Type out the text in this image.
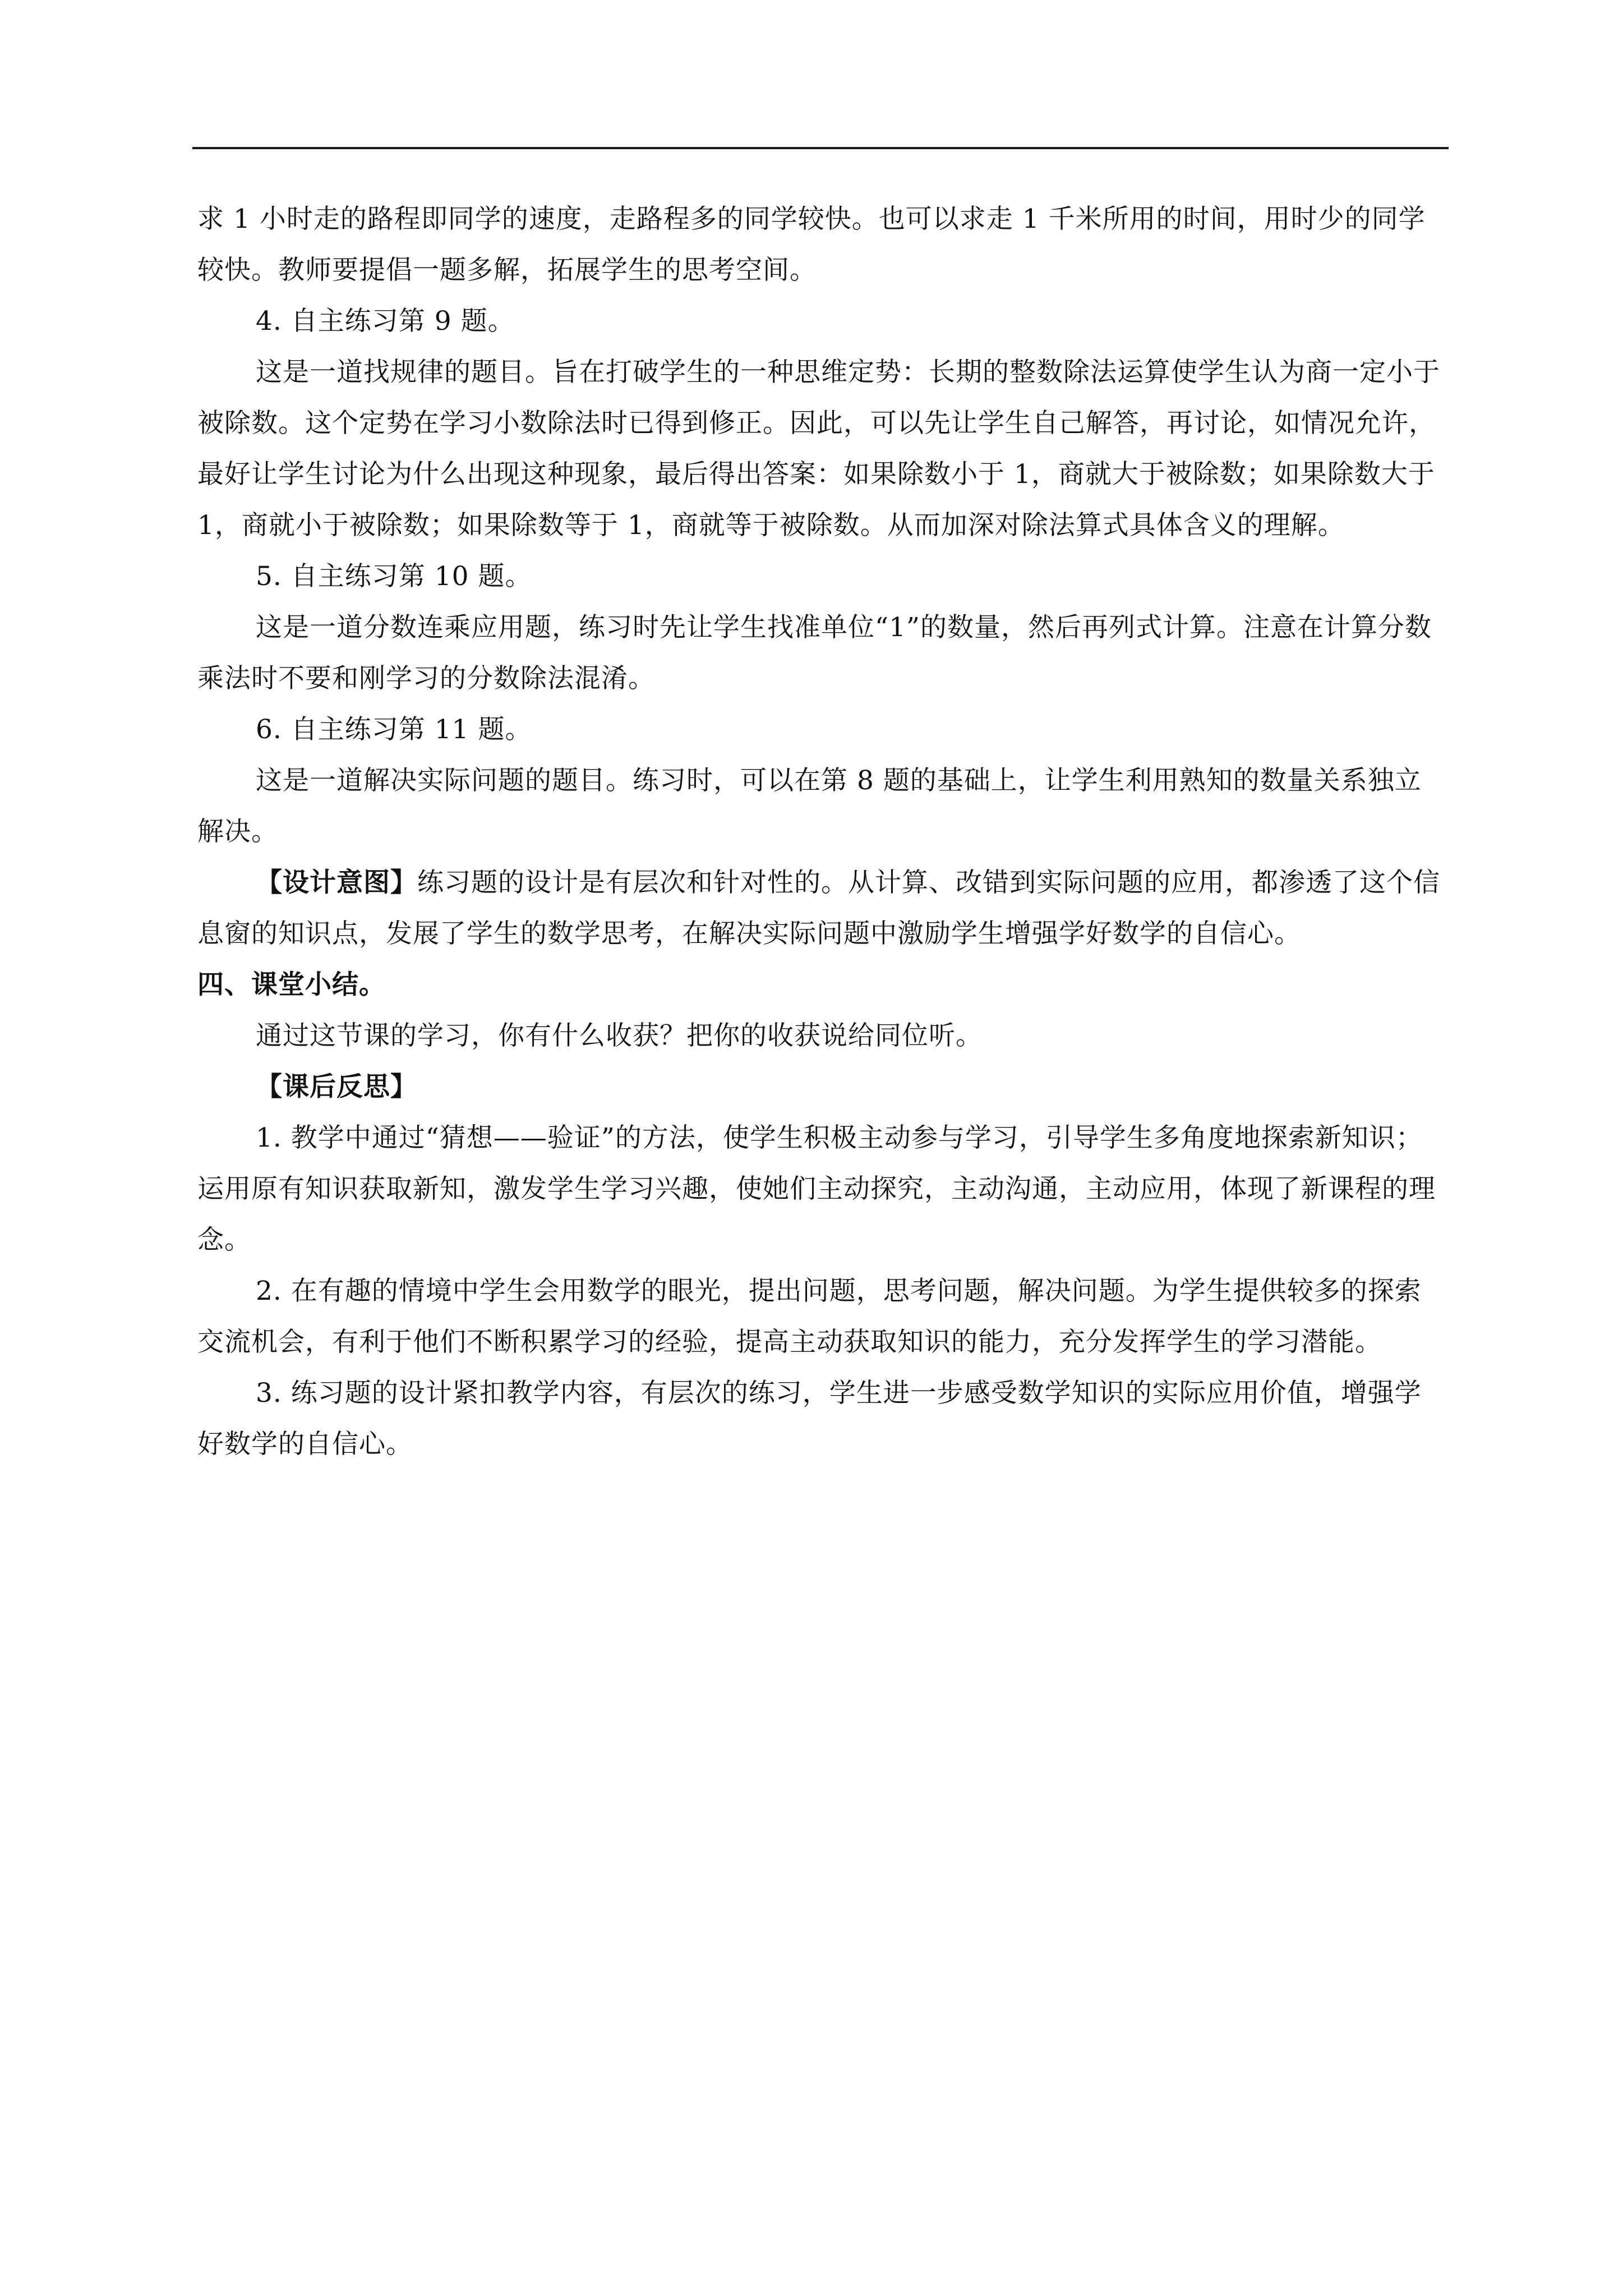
求 1 小时走的路程即同学的速度，走路程多的同学较快。也可以求走 1 千米所用的时间，用时少的同学较快。教师要提倡一题多解，拓展学生的思考空间。

4. 自主练习第 9 题。

这是一道找规律的题目。旨在打破学生的一种思维定势：长期的整数除法运算使学生认为商一定小于被除数。这个定势在学习小数除法时已得到修正。因此，可以先让学生自己解答，再讨论，如情况允许，最好让学生讨论为什么出现这种现象，最后得出答案：如果除数小于 1，商就大于被除数；如果除数大于 1，商就小于被除数；如果除数等于 1，商就等于被除数。从而加深对除法算式具体含义的理解。

5. 自主练习第 10 题。

这是一道分数连乘应用题，练习时先让学生找准单位“1”的数量，然后再列式计算。注意在计算分数乘法时不要和刚学习的分数除法混淆。

6. 自主练习第 11 题。

这是一道解决实际问题的题目。练习时，可以在第 8 题的基础上，让学生利用熟知的数量关系独立解决。

【设计意图】练习题的设计是有层次和针对性的。从计算、改错到实际问题的应用，都渗透了这个信息窗的知识点，发展了学生的数学思考，在解决实际问题中激励学生增强学好数学的自信心。

四、课堂小结。

通过这节课的学习，你有什么收获？把你的收获说给同位听。

【课后反思】

1. 教学中通过“猜想——验证”的方法，使学生积极主动参与学习，引导学生多角度地探索新知识；运用原有知识获取新知，激发学生学习兴趣，使她们主动探究，主动沟通，主动应用，体现了新课程的理念。

2. 在有趣的情境中学生会用数学的眼光，提出问题，思考问题，解决问题。为学生提供较多的探索交流机会，有利于他们不断积累学习的经验，提高主动获取知识的能力，充分发挥学生的学习潜能。

3. 练习题的设计紧扣教学内容，有层次的练习，学生进一步感受数学知识的实际应用价值，增强学好数学的自信心。
